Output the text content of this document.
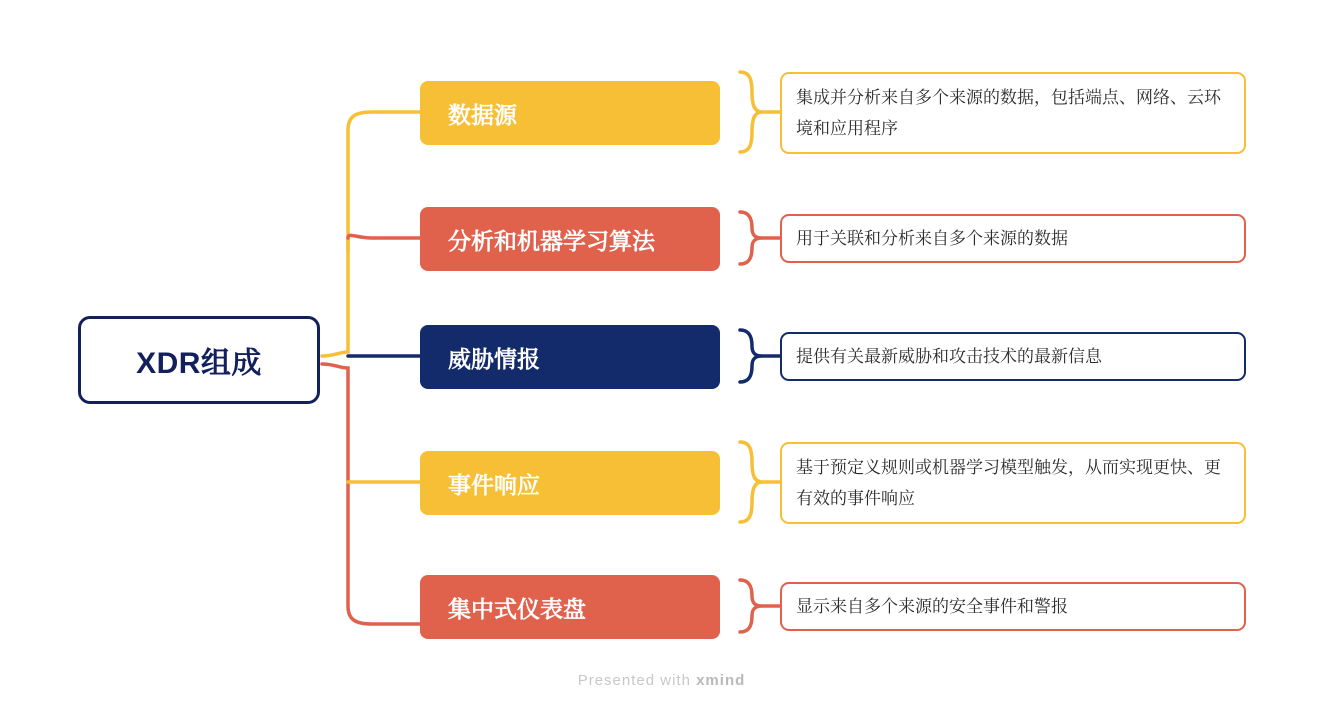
XDR组成
数据源
集成并分析来自多个来源的数据，包括端点、网络、云环境和应用程序
分析和机器学习算法	用于关联和分析来自多个来源的数据
威胁情报	提供有关最新威胁和攻击技术的最新信息
事件响应
基于预定义规则或机器学习模型触发，从而实现更快、更有效的事件响应
集中式仪表盘	显示来自多个来源的安全事件和警报
Presented with xmind
